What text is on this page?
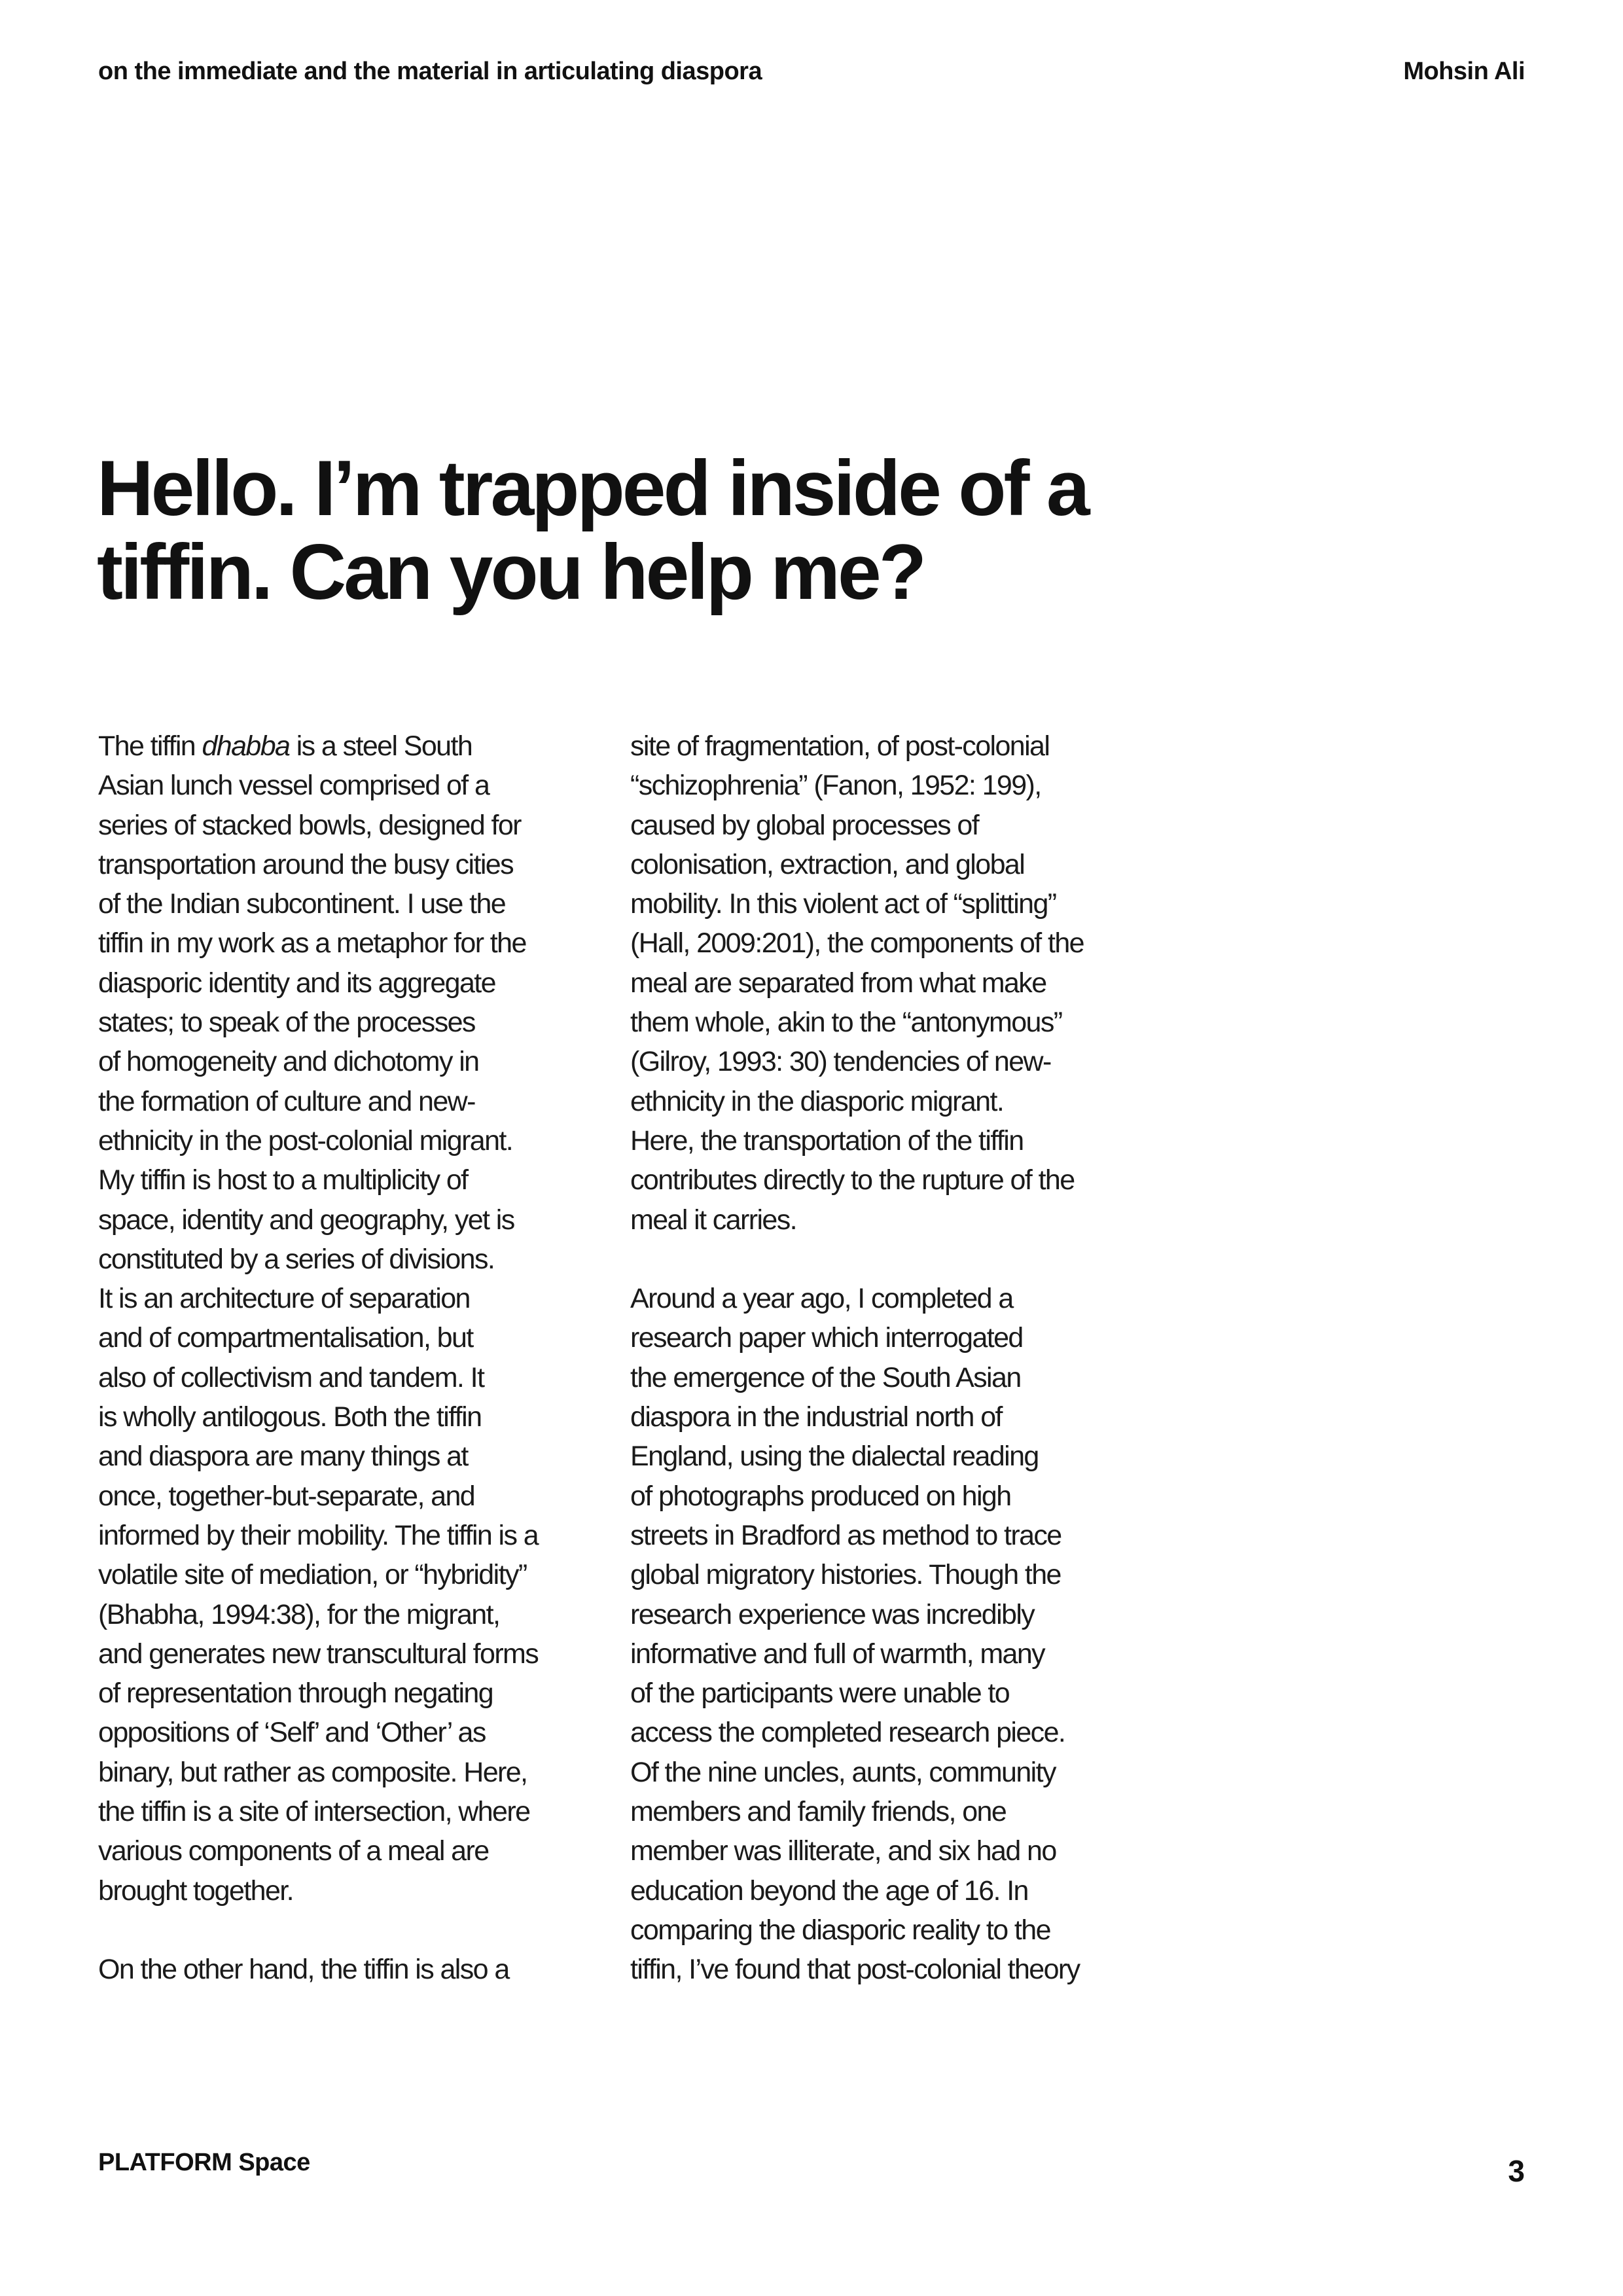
on the immediate and the material in articulating diaspora	Mohsin Ali
Hello. I’m trapped inside of a
tiffin. Can you help me?
The tiffin dhabba is a steel South
Asian lunch vessel comprised of a
series of stacked bowls, designed for
transportation around the busy cities
of the Indian subcontinent. I use the
tiffin in my work as a metaphor for the
diasporic identity and its aggregate
states; to speak of the processes
of homogeneity and dichotomy in
the formation of culture and new-
ethnicity in the post-colonial migrant.
My tiffin is host to a multiplicity of
space, identity and geography, yet is
constituted by a series of divisions.
It is an architecture of separation
and of compartmentalisation, but
also of collectivism and tandem. It
is wholly antilogous. Both the tiffin
and diaspora are many things at
once, together-but-separate, and
informed by their mobility. The tiffin is a
volatile site of mediation, or “hybridity”
(Bhabha, 1994:38), for the migrant,
and generates new transcultural forms
of representation through negating
oppositions of ‘Self’ and ‘Other’ as
binary, but rather as composite. Here,
the tiffin is a site of intersection, where
various components of a meal are
brought together.
On the other hand, the tiffin is also a
site of fragmentation, of post-colonial
“schizophrenia” (Fanon, 1952: 199),
caused by global processes of
colonisation, extraction, and global
mobility. In this violent act of “splitting”
(Hall, 2009:201), the components of the
meal are separated from what make
them whole, akin to the “antonymous”
(Gilroy, 1993: 30) tendencies of new-
ethnicity in the diasporic migrant.
Here, the transportation of the tiffin
contributes directly to the rupture of the
meal it carries.
Around a year ago, I completed a
research paper which interrogated
the emergence of the South Asian
diaspora in the industrial north of
England, using the dialectal reading
of photographs produced on high
streets in Bradford as method to trace
global migratory histories. Though the
research experience was incredibly
informative and full of warmth, many
of the participants were unable to
access the completed research piece.
Of the nine uncles, aunts, community
members and family friends, one
member was illiterate, and six had no
education beyond the age of 16. In
comparing the diasporic reality to the
tiffin, I’ve found that post-colonial theory
PLATFORM Space	3
